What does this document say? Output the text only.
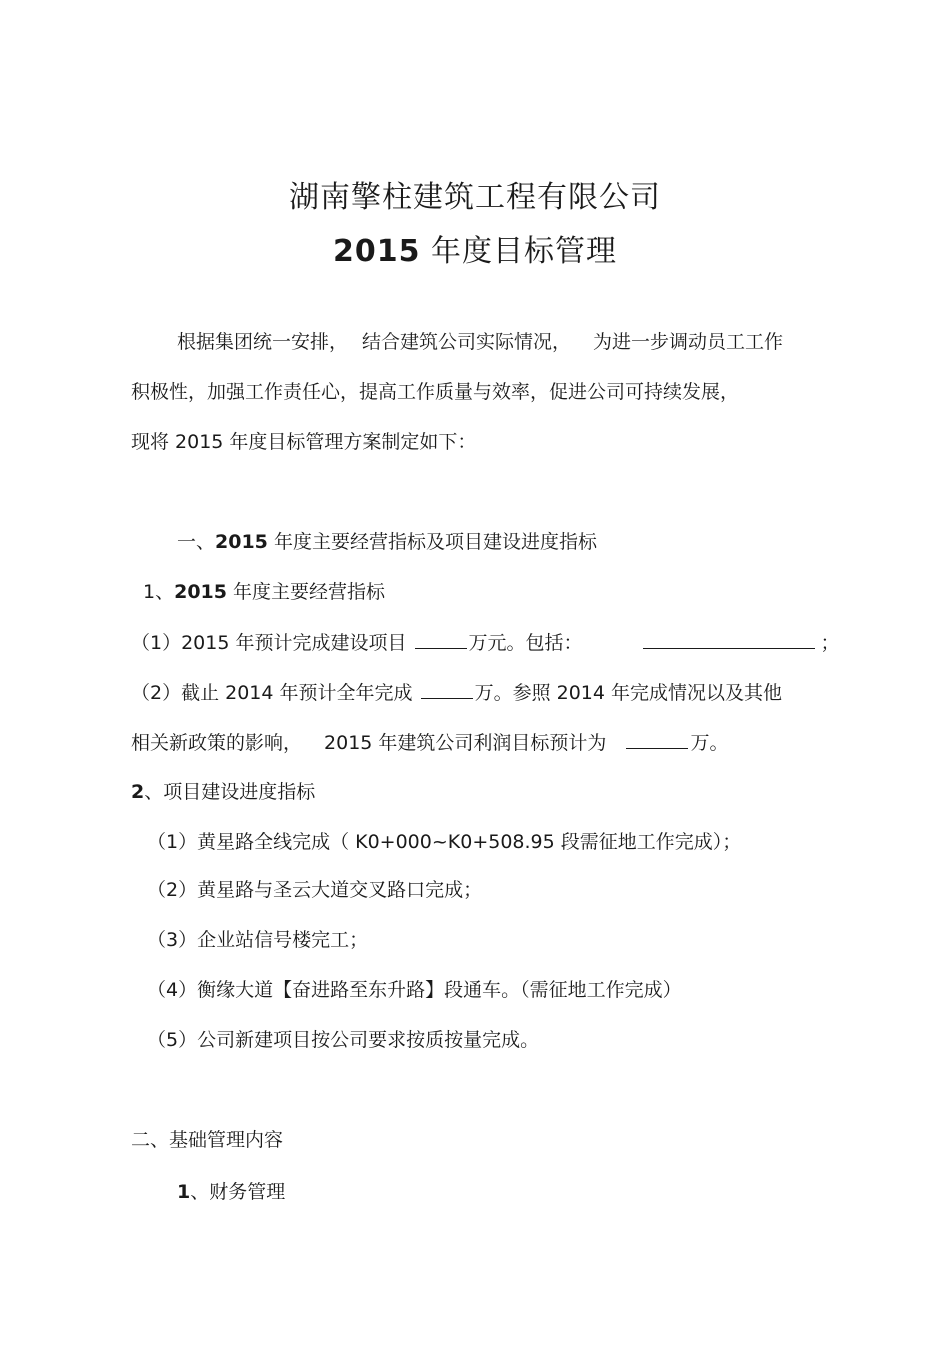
湖南擎柱建筑工程有限公司
2015 年度目标管理
根据集团统一安排， 结合建筑公司实际情况， 为进一步调动员工工作
积极性，加强工作责任心，提高工作质量与效率，促进公司可持续发展，
现将 2015 年度目标管理方案制定如下：
一、2015 年度主要经营指标及项目建设进度指标
1、2015 年度主要经营指标
（1）2015 年预计完成建设项目	万元。包括：	；
（2）截止 2014 年预计全年完成	万。参照 2014 年完成情况以及其他
相关新政策的影响， 2015 年建筑公司利润目标预计为	万。
2、项目建设进度指标
（1）黄星路全线完成（ K0+000~K0+508.95 段需征地工作完成）；
（2）黄星路与圣云大道交叉路口完成；
（3）企业站信号楼完工；
（4）衡缘大道【奋进路至东升路】段通车。（需征地工作完成）
（5）公司新建项目按公司要求按质按量完成。
二、基础管理内容
1、财务管理
